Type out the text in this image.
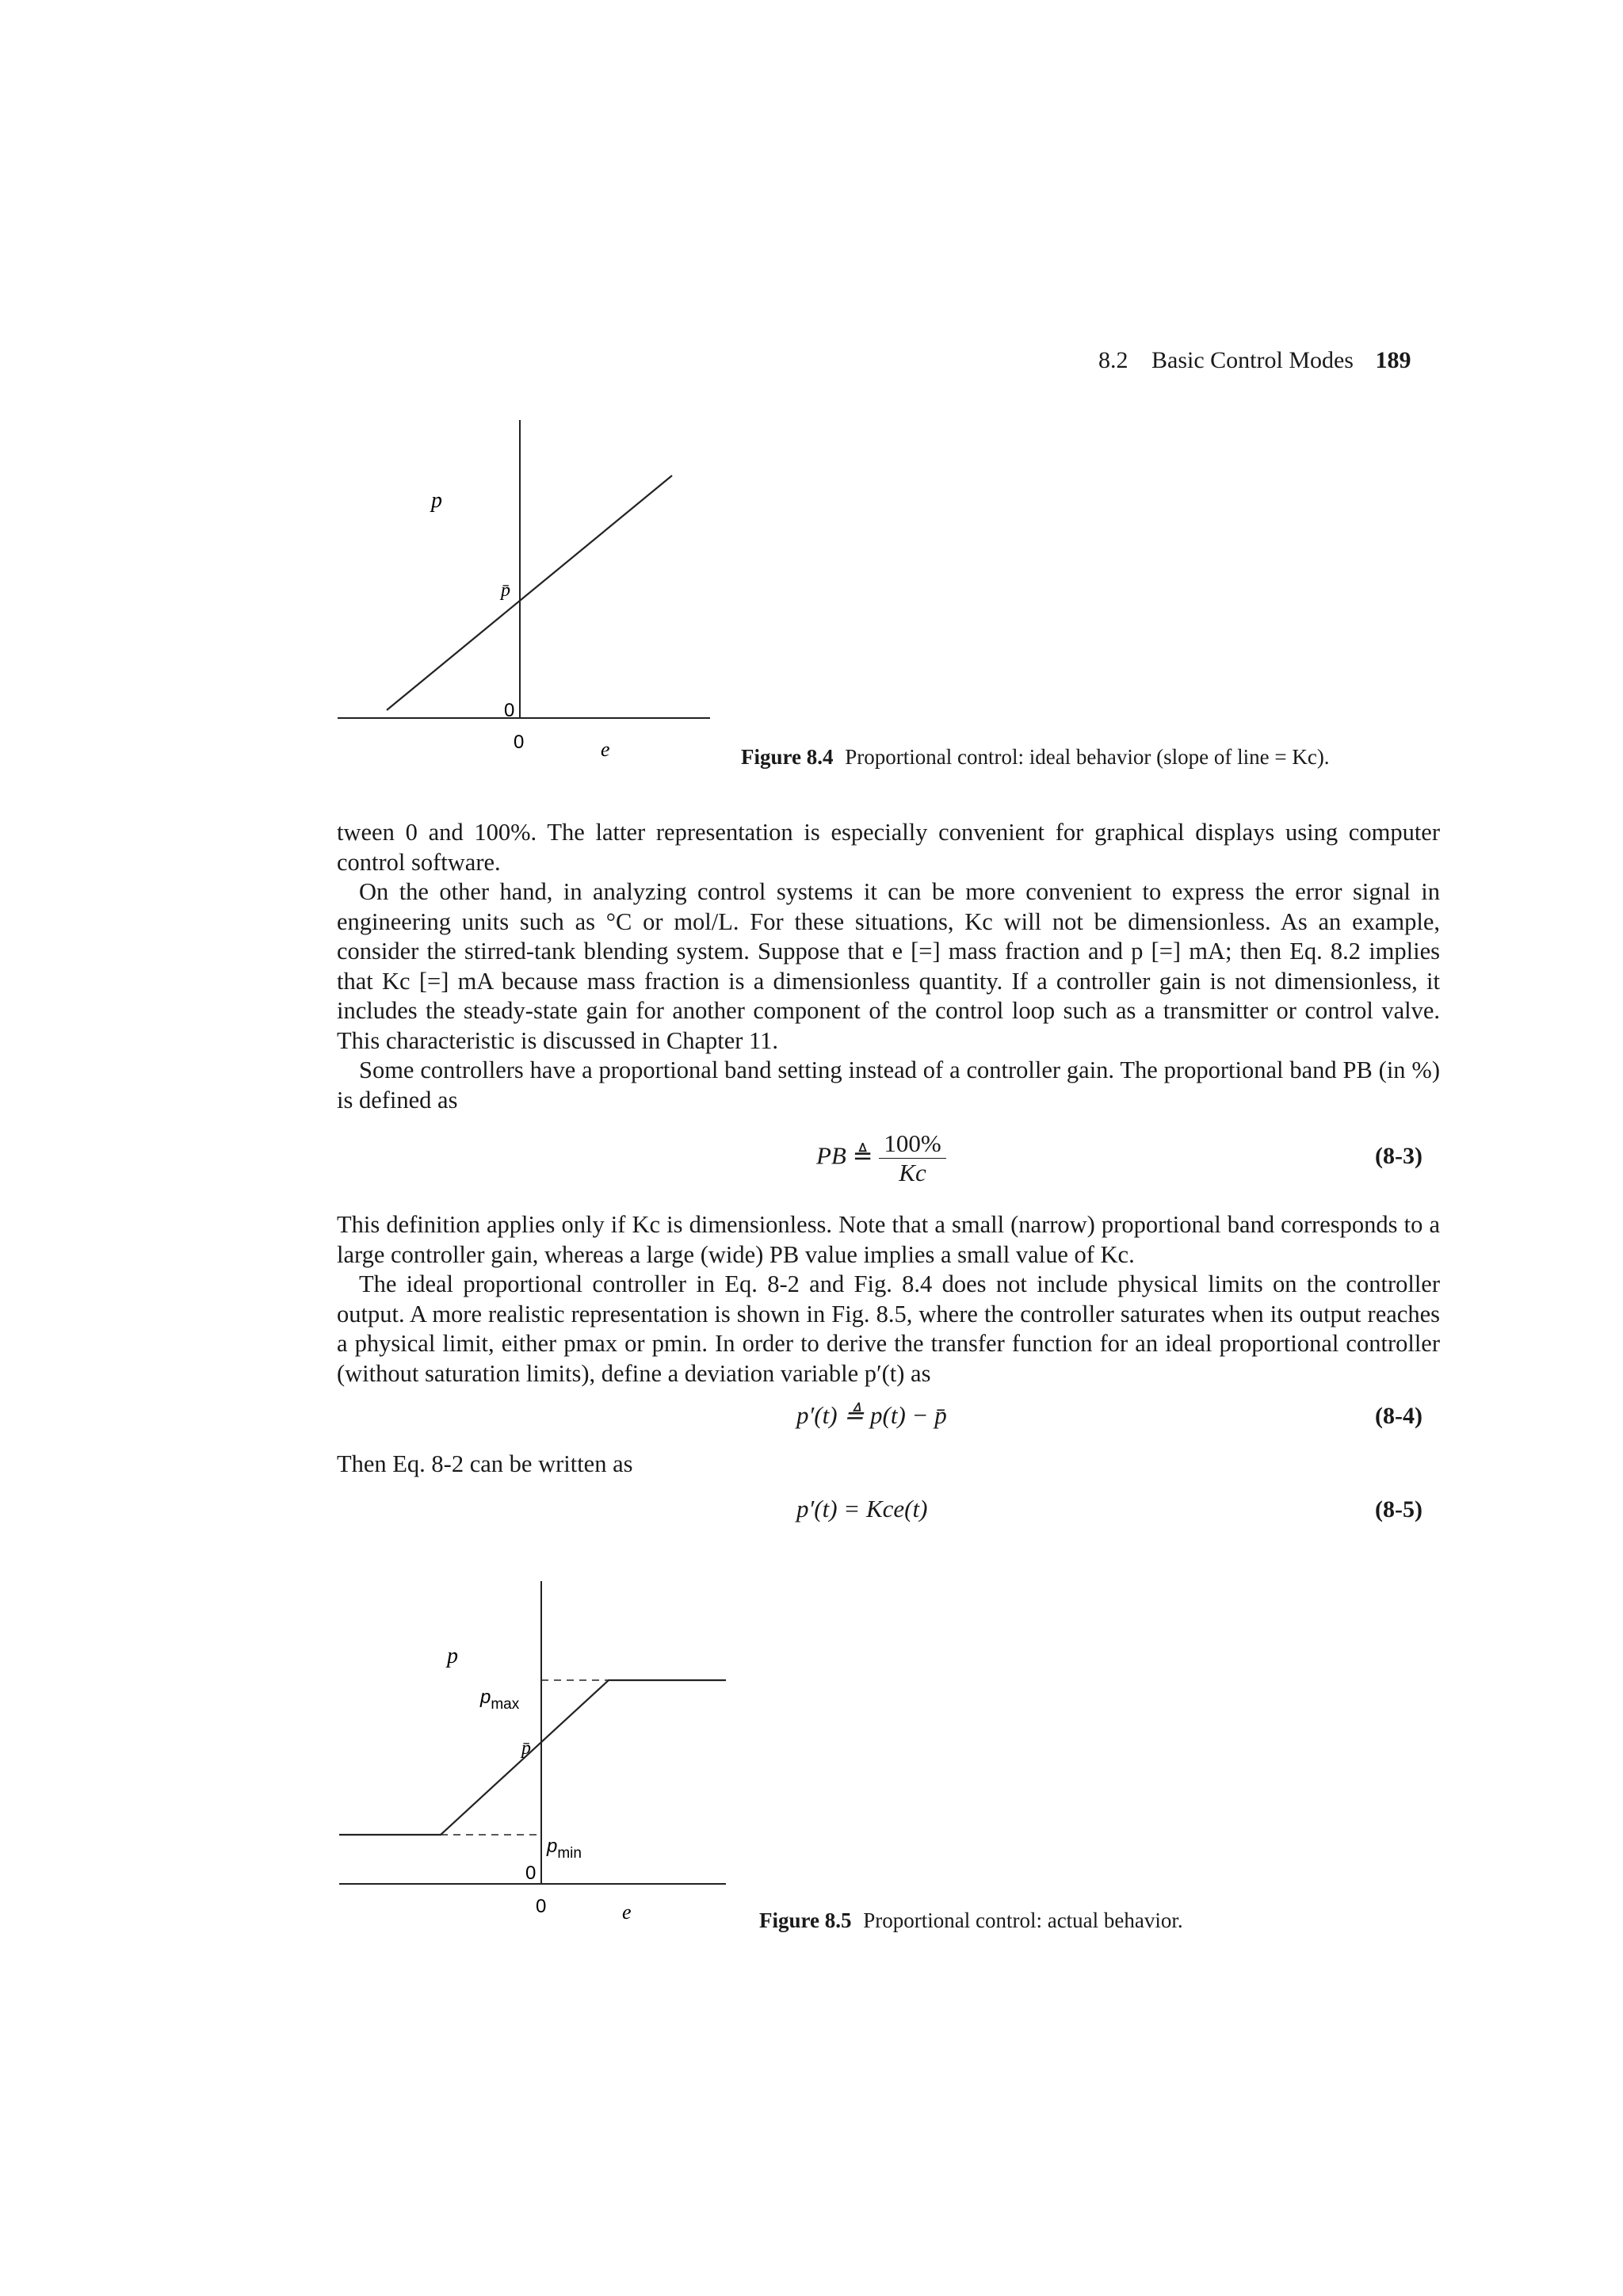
8.2 Basic Control Modes 189
p
p̄
0
0	e	Figure 8.4 Proportional control: ideal behavior (slope of line = Kc).

tween 0 and 100%. The latter representation is especially convenient for graphical displays using computer control software.

On the other hand, in analyzing control systems it can be more convenient to express the error signal in engineering units such as °C or mol/L. For these situations, Kc will not be dimensionless. As an example, consider the stirred-tank blending system. Suppose that e [=] mass fraction and p [=] mA; then Eq. 8.2 implies that Kc [=] mA because mass fraction is a dimensionless quantity. If a controller gain is not dimensionless, it includes the steady-state gain for another component of the control loop such as a transmitter or control valve. This characteristic is discussed in Chapter 11.

Some controllers have a proportional band setting instead of a controller gain. The proportional band PB (in %) is defined as

PB ≜ $\frac{100\%}{Kc}$	(8-3)

This definition applies only if Kc is dimensionless. Note that a small (narrow) proportional band corresponds to a large controller gain, whereas a large (wide) PB value implies a small value of Kc.

The ideal proportional controller in Eq. 8-2 and Fig. 8.4 does not include physical limits on the controller output. A more realistic representation is shown in Fig. 8.5, where the controller saturates when its output reaches a physical limit, either pmax or pmin. In order to derive the transfer function for an ideal proportional controller (without saturation limits), define a deviation variable p′(t) as

p′(t) ≜ p(t) − p̄	(8-4)

Then Eq. 8-2 can be written as

p′(t) = Kce(t)	(8-5)
p
$p_{max}$
p̄
$p_{min}$
0
0	e	Figure 8.5 Proportional control: actual behavior.
